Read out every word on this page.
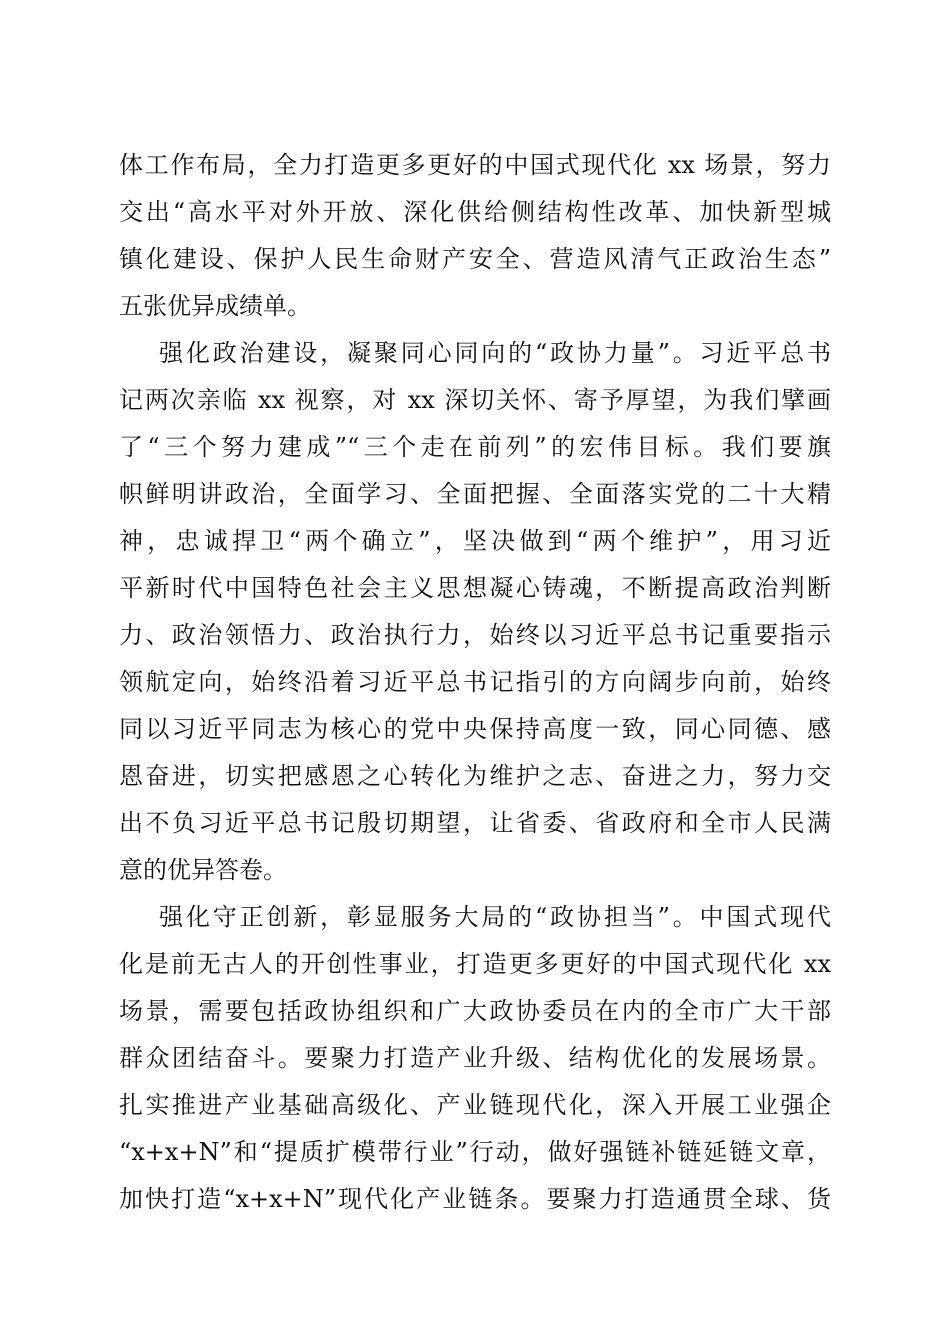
体工作布局，全力打造更多更好的中国式现代化 xx 场景，努力
交出“高水平对外开放、深化供给侧结构性改革、加快新型城
镇化建设、保护人民生命财产安全、营造风清气正政治生态”
五张优异成绩单。
强化政治建设，凝聚同心同向的“政协力量”。习近平总书
记两次亲临 xx 视察，对 xx 深切关怀、寄予厚望，为我们擘画
了“三个努力建成”“三个走在前列”的宏伟目标。我们要旗
帜鲜明讲政治，全面学习、全面把握、全面落实党的二十大精
神，忠诚捍卫“两个确立”，坚决做到“两个维护”，用习近
平新时代中国特色社会主义思想凝心铸魂，不断提高政治判断
力、政治领悟力、政治执行力，始终以习近平总书记重要指示
领航定向，始终沿着习近平总书记指引的方向阔步向前，始终
同以习近平同志为核心的党中央保持高度一致，同心同德、感
恩奋进，切实把感恩之心转化为维护之志、奋进之力，努力交
出不负习近平总书记殷切期望，让省委、省政府和全市人民满
意的优异答卷。
强化守正创新，彰显服务大局的“政协担当”。中国式现代
化是前无古人的开创性事业，打造更多更好的中国式现代化 xx
场景，需要包括政协组织和广大政协委员在内的全市广大干部
群众团结奋斗。要聚力打造产业升级、结构优化的发展场景。
扎实推进产业基础高级化、产业链现代化，深入开展工业强企
“x+x+N”和“提质扩模带行业”行动，做好强链补链延链文章，
加快打造“x+x+N”现代化产业链条。要聚力打造通贯全球、货
